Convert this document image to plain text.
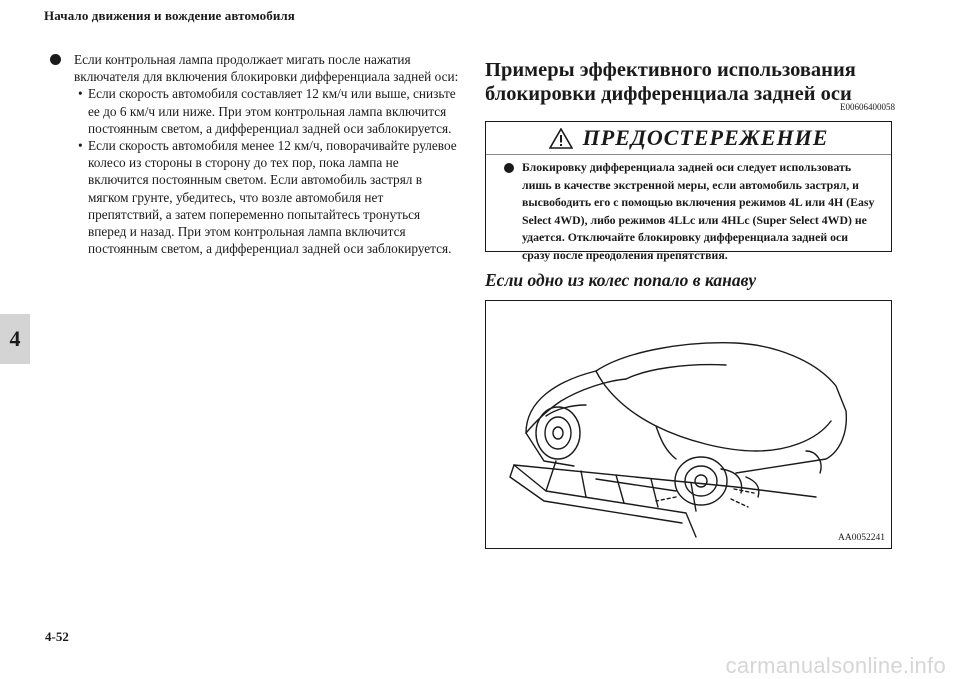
Начало движения и вождение автомобиля
4
Если контрольная лампа продолжает мигать после нажатия включателя для включения блокировки дифференциала задней оси:
• Если скорость автомобиля составляет 12 км/ч или выше, снизьте ее до 6 км/ч или ниже. При этом контрольная лампа включится постоянным светом, а дифференциал задней оси заблокируется.
• Если скорость автомобиля менее 12 км/ч, поворачивайте рулевое колесо из стороны в сторону до тех пор, пока лампа не включится постоянным светом. Если автомобиль застрял в мягком грунте, убедитесь, что возле автомобиля нет препятствий, а затем попеременно попытайтесь тронуться вперед и назад. При этом контрольная лампа включится постоянным светом, а дифференциал задней оси заблокируется.
Примеры эффективного использования блокировки дифференциала задней оси
E00606400058
ПРЕДОСТЕРЕЖЕНИЕ
Блокировку дифференциала задней оси следует использовать лишь в качестве экстренной меры, если автомобиль застрял, и высвободить его с помощью включения режимов 4L или 4H (Easy Select 4WD), либо режимов 4LLc или 4HLc (Super Select 4WD) не удается. Отключайте блокировку дифференциала задней оси сразу после преодоления препятствия.
Если одно из колес попало в канаву
AA0052241
4-52
carmanualsonline.info
